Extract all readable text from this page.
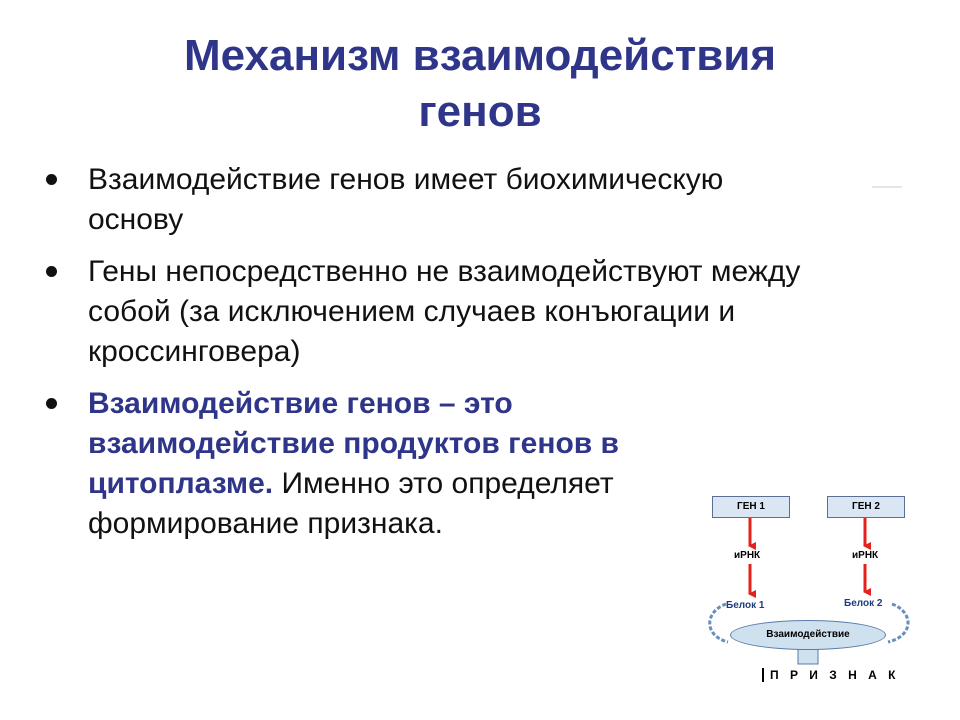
Механизм взаимодействия
генов
Взаимодействие генов имеет биохимическую основу
Гены непосредственно не взаимодействуют между собой (за исключением случаев конъюгации и кроссинговера)
Взаимодействие генов – это взаимодействие продуктов генов в цитоплазме. Именно это определяет формирование признака.
ГЕН 1	ГЕН 2
иРНК	иРНК
Белок 1	Белок 2
Взаимодействие
П Р И З Н А К
